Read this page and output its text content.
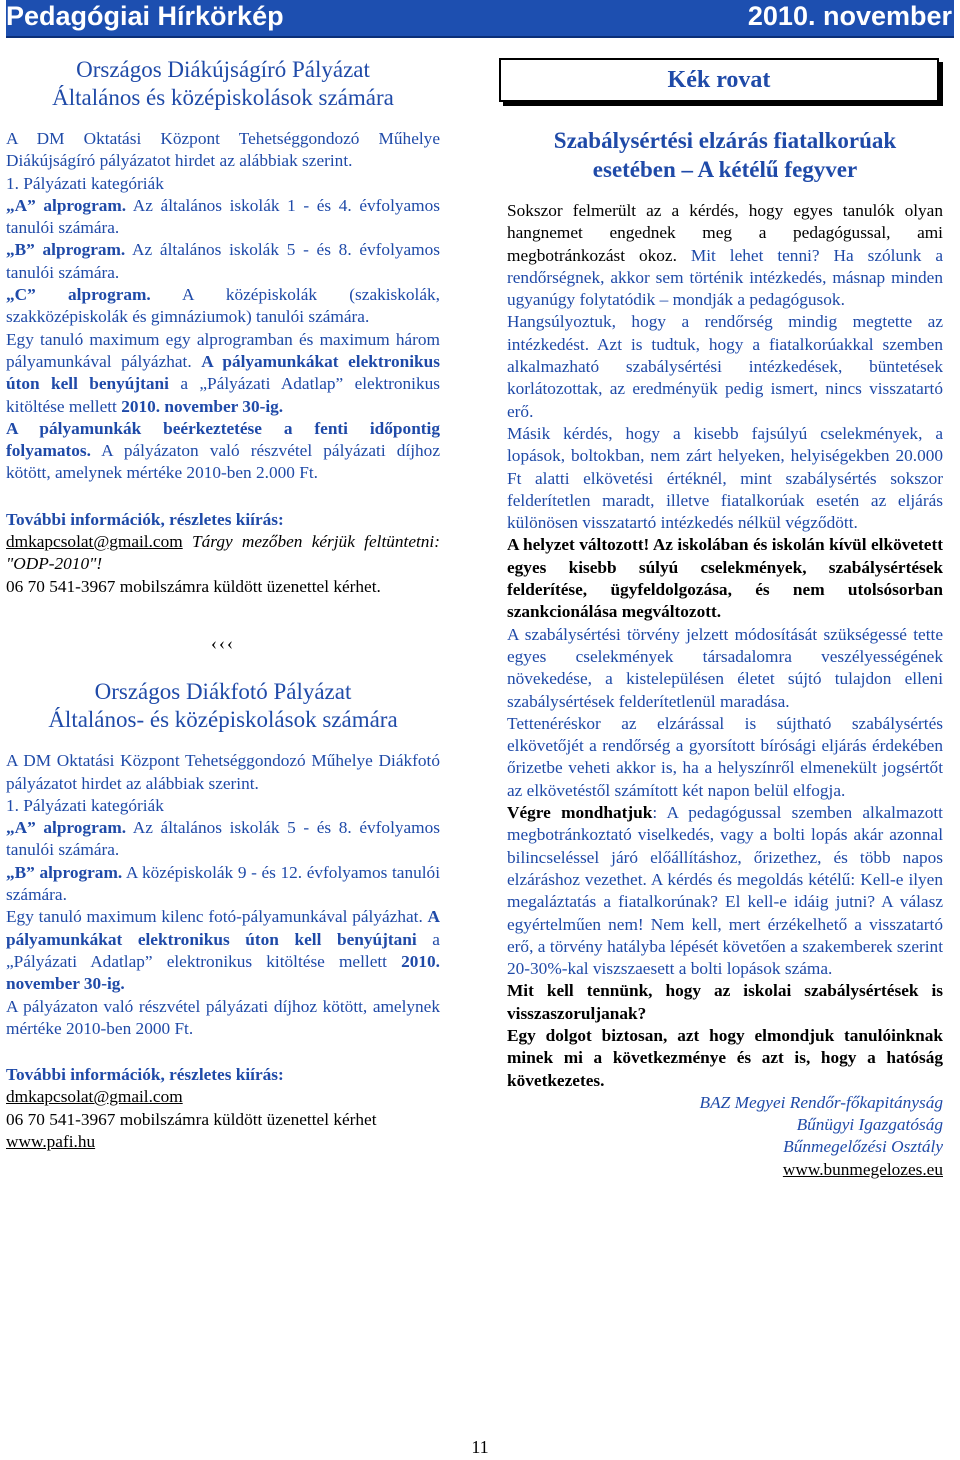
Pedagógiai Hírkörkép	2010. november
Országos Diákújságíró Pályázat
Általános és középiskolások számára

A DM Oktatási Központ Tehetséggondozó Műhelye Diákújságíró pályázatot hirdet az alábbiak szerint.

1. Pályázati kategóriák

„A” alprogram. Az általános iskolák 1 - és 4. évfolyamos tanulói számára.

„B” alprogram. Az általános iskolák 5 - és 8. évfolyamos tanulói számára.

„C” alprogram. A középiskolák (szakiskolák, szakközépiskolák és gimnáziumok) tanulói számára.

Egy tanuló maximum egy alprogramban és maximum három pályamunkával pályázhat. A pályamunkákat elektronikus úton kell benyújtani a „Pályázati Adatlap” elektronikus kitöltése mellett 2010. november 30-ig.

A pályamunkák beérkeztetése a fenti időpontig folyamatos. A pályázaton való részvétel pályázati díjhoz kötött, amelynek mértéke 2010-ben 2.000 Ft.

További információk, részletes kiírás:

dmkapcsolat@gmail.com Tárgy mezőben kérjük feltüntetni: "ODP-2010"!

06 70 541-3967 mobilszámra küldött üzenettel kérhet.

‹‹‹
Országos Diákfotó Pályázat
Általános- és középiskolások számára

A DM Oktatási Központ Tehetséggondozó Műhelye Diákfotó pályázatot hirdet az alábbiak szerint.

1. Pályázati kategóriák

„A” alprogram. Az általános iskolák 5 - és 8. évfolyamos tanulói számára.

„B” alprogram. A középiskolák 9 - és 12. évfolyamos tanulói számára.

Egy tanuló maximum kilenc fotó-pályamunkával pályázhat. A pályamunkákat elektronikus úton kell benyújtani a „Pályázati Adatlap” elektronikus kitöltése mellett 2010. november 30-ig.

A pályázaton való részvétel pályázati díjhoz kötött, amelynek mértéke 2010-ben 2000 Ft.

További információk, részletes kiírás:

dmkapcsolat@gmail.com

06 70 541-3967 mobilszámra küldött üzenettel kérhet

www.pafi.hu

Kék rovat
Szabálysértési elzárás fiatalkorúak
esetében – A kétélű fegyver

Sokszor felmerült az a kérdés, hogy egyes tanulók olyan hangnemet engednek meg a pedagógussal, ami megbotránkozást okoz. Mit lehet tenni? Ha szólunk a rendőrségnek, akkor sem történik intézkedés, másnap minden ugyanúgy folytatódik – mondják a pedagógusok.

Hangsúlyoztuk, hogy a rendőrség mindig megtette az intézkedést. Azt is tudtuk, hogy a fiatalkorúakkal szemben alkalmazható szabálysértési intézkedések, büntetések korlátozottak, az eredményük pedig ismert, nincs visszatartó erő.

Másik kérdés, hogy a kisebb fajsúlyú cselekmények, a lopások, boltokban, nem zárt helyeken, helyiségekben 20.000 Ft alatti elkövetési értéknél, mint szabálysértés sokszor felderítetlen maradt, illetve fiatalkorúak esetén az eljárás különösen visszatartó intézkedés nélkül végződött.

A helyzet változott! Az iskolában és iskolán kívül elkövetett egyes kisebb súlyú cselekmények, szabálysértések felderítése, ügyfeldolgozása, és nem utolsósorban szankcionálása megváltozott.

A szabálysértési törvény jelzett módosítását szükségessé tette egyes cselekmények társadalomra veszélyességének növekedése, a kistelepülésen életet sújtó tulajdon elleni szabálysértések felderítetlenül maradása.

Tettenéréskor az elzárással is sújtható szabálysértés elkövetőjét a rendőrség a gyorsított bírósági eljárás érdekében őrizetbe veheti akkor is, ha a helyszínről elmenekült jogsértőt az elkövetéstől számított két napon belül elfogja.

Végre mondhatjuk: A pedagógussal szemben alkalmazott megbotránkoztató viselkedés, vagy a bolti lopás akár azonnal bilincseléssel járó előállításhoz, őrizethez, és több napos elzáráshoz vezethet. A kérdés és megoldás kétélű: Kell-e ilyen megaláztatás a fiatalkorúnak? El kell-e idáig jutni? A válasz egyértelműen nem! Nem kell, mert érzékelhető a visszatartó erő, a törvény hatályba lépését követően a szakemberek szerint 20-30%-kal viszszaesett a bolti lopások száma.

Mit kell tennünk, hogy az iskolai szabálysértések is visszaszoruljanak?

Egy dolgot biztosan, azt hogy elmondjuk tanulóinknak minek mi a következménye és azt is, hogy a hatóság következetes.

BAZ Megyei Rendőr-főkapitányság

Bűnügyi Igazgatóság

Bűnmegelőzési Osztály

www.bunmegelozes.eu

11
